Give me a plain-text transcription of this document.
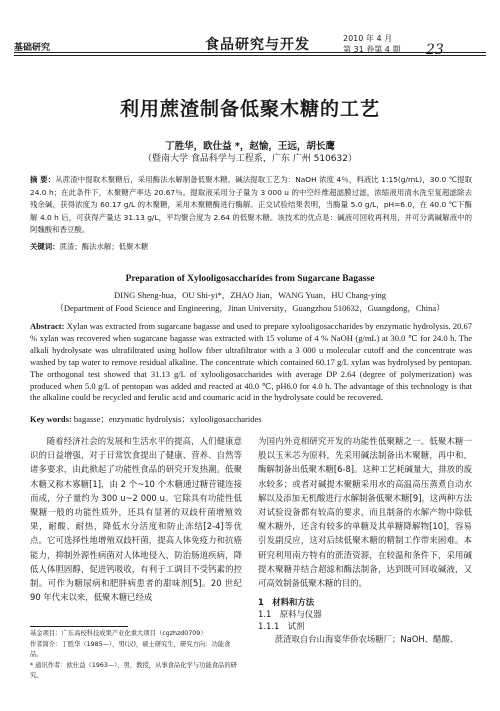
基础研究	食品研究与开发	2010 年 4 月
第 31 卷第 4 期 23
利用蔗渣制备低聚木糖的工艺
丁胜华，欧仕益 *，赵愉，王远，胡长鹰
（暨南大学 食品科学与工程系，广东 广州 510632）
摘 要：从蔗渣中提取木聚糖后，采用酶法水解制备低聚木糖。碱法提取工艺为：NaOH 浓度 4％，料液比 1:15(g/mL)，30.0 ℃提取 24.0 h；在此条件下，木聚糖产率达 20.67％。提取液采用分子量为 3 000 u 的中空纤维超滤膜过滤，浓缩液用清水洗至复超滤除去残余碱，获得浓度为 60.17 g/L 的木聚糖，采用木聚糖酶进行酶解。正交试验结果表明，当酶量 5.0 g/L，pH=6.0，在 40.0 ℃下酶解 4.0 h 后，可获得产量达 31.13 g/L，平均聚合度为 2.64 的低聚木糖。该技术的优点是：碱液可回收再利用，并可分离碱解液中的阿魏酸和香豆酸。
关键词：蔗渣；酶法水解；低聚木糖
Preparation of Xylooligosaccharides from Sugarcane Bagasse
DING Sheng-hua，OU Shi-yi*，ZHAO Jian，WANG Yuan，HU Chang-ying
（Department of Food Science and Engineering，Jinan University，Guangzhou 510632，Guangdong，China）
Abstract: Xylan was extracted from sugarcane bagasse and used to prepare xylooligosaccharides by enzymatic hydrolysis. 20.67 % xylan was recovered when sugarcane bagasse was extracted with 15 volume of 4 % NaOH (g/mL) at 30.0 ℃ for 24.0 h. The alkali hydrolysate was ultrafiltrated using hollow fiber ultrafiltrator with a 3 000 u molecular cutoff and the concentrate was washed by tap water to remove residual alkaline. The concentrate which contained 60.17 g/L xylan was hydrolysed by pentopan. The orthogonal test showed that 31.13 g/L of xylooligosaccharides with average DP 2.64 (degree of polymerization) was produced when 5.0 g/L of pentopan was added and reacted at 40.0 ℃, pH6.0 for 4.0 h. The advantage of this technology is that the alkaline could be recycled and ferulic acid and coumaric acid in the hydrolysate could be recovered.
Key words: bagasse；enzymatic hydrolysis；xylooligosaccharides

随着经济社会的发展和生活水平的提高，人们健康意识的日益增强，对于日常饮食提出了健康、营养、自然等诸多要求，由此掀起了功能性食品的研究开发热潮。低聚木糖又称木寡糖[1]，由 2 个~10 个木糖通过糖苷键连接而成，分子量约为 300 u~2 000 u。它除具有功能性低聚糖一般的功能性质外，还具有显著的双歧杆菌增殖效果，耐酸、耐热，降低水分活度和防止冻结[2-4]等优点。它可选择性地增殖双歧杆菌，提高人体免疫力和抗癌能力，抑制外源性病菌对人体地侵入，防治肠道疾病，降低人体胆固醇，促进钙吸收，有利于工调目不受钙素的控制。可作为糖尿病和肥胖病患者的甜味剂[5]。20 世纪 90 年代末以来，低聚木糖已经成

为国内外竞相研究开发的功能性低聚糖之一。低聚木糖一般以玉米芯为原料，先采用碱法制备出木聚糖，再中和，酶解制备出低聚木糖[6-8]。这种工艺耗碱量大，排放的废水较多；或者对碱提木聚糖采用水的高温高压蒸煮自动水解以及添加无机酸进行水解制备低聚木糖[9]，这两种方法对试验设备都有较高的要求，而且制备的水解产物中除低聚木糖外，还含有较多的单糖及其单糖降解物[10]，容易引发副反应，这对后续低聚木糖的精制工作带来困难。本研究利用南方特有的蔗渣资源，在较温和条件下，采用碱提木聚糖并结合超滤和酶法制备，达到既可回收碱液，又可高效制备低聚木糖的目的。

1　材料和方法
1.1　原料与仪器
1.1.1　试剂

蔗渣取自台山海宴华侨农场糖厂；NaOH、醋酸、

基金项目：广东高校科技成果产业化重大项目（cgzhzd0709）
作者简介：丁胜华（1985—），男(汉)，硕士研究生，研究方向：功能食品。
* 通讯作者：欧仕益（1963—），男，教授，从事食品化学与功能食品的研究。
